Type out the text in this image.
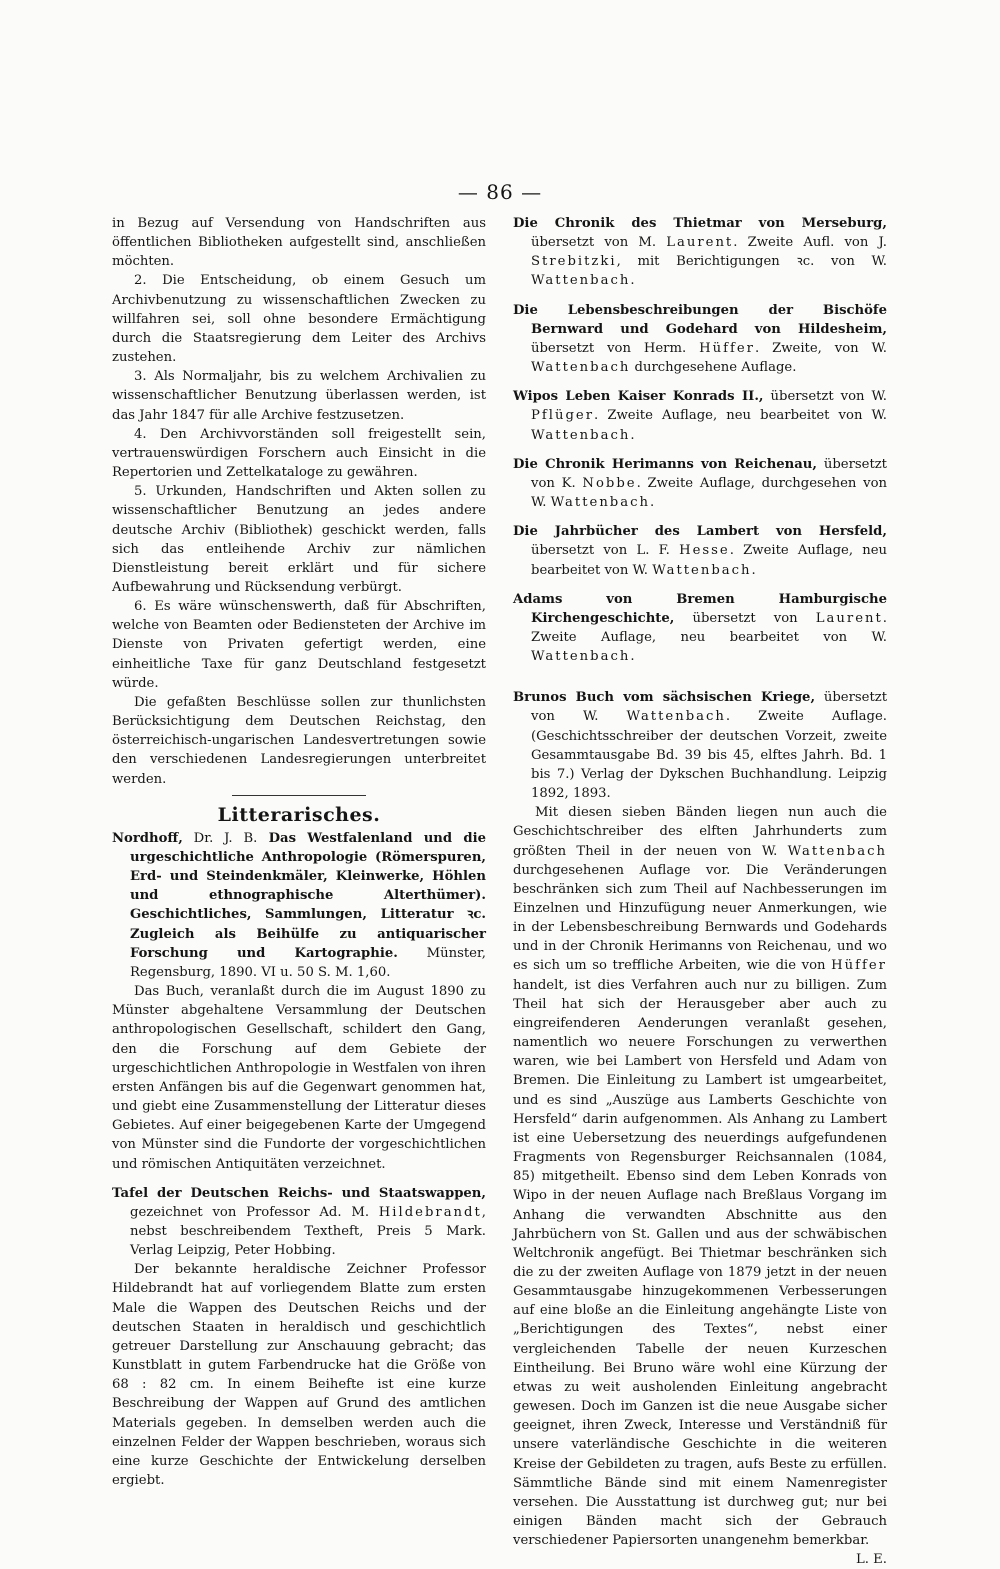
— 86 —

in Bezug auf Versendung von Handschriften aus öffentlichen Bibliotheken aufgestellt sind, anschließen möchten.

2. Die Entscheidung, ob einem Gesuch um Archivbenutzung zu wissenschaftlichen Zwecken zu willfahren sei, soll ohne besondere Ermächtigung durch die Staatsregierung dem Leiter des Archivs zustehen.

3. Als Normaljahr, bis zu welchem Archivalien zu wissenschaftlicher Benutzung überlassen werden, ist das Jahr 1847 für alle Archive festzusetzen.

4. Den Archivvorständen soll freigestellt sein, vertrauenswürdigen Forschern auch Einsicht in die Repertorien und Zettelkataloge zu gewähren.

5. Urkunden, Handschriften und Akten sollen zu wissenschaftlicher Benutzung an jedes andere deutsche Archiv (Bibliothek) geschickt werden, falls sich das entleihende Archiv zur nämlichen Dienstleistung bereit erklärt und für sichere Aufbewahrung und Rücksendung verbürgt.

6. Es wäre wünschenswerth, daß für Abschriften, welche von Beamten oder Bediensteten der Archive im Dienste von Privaten gefertigt werden, eine einheitliche Taxe für ganz Deutschland festgesetzt würde.

Die gefaßten Beschlüsse sollen zur thunlichsten Berücksichtigung dem Deutschen Reichstag, den österreichisch-ungarischen Landesvertretungen sowie den verschiedenen Landesregierungen unterbreitet werden.

Litterarisches.

Nordhoff, Dr. J. B. Das Westfalenland und die urgeschichtliche Anthropologie (Römerspuren, Erd- und Steindenkmäler, Kleinwerke, Höhlen und ethnographische Alterthümer). Geschichtliches, Sammlungen, Litteratur ꝛc. Zugleich als Beihülfe zu antiquarischer Forschung und Kartographie. Münster, Regensburg, 1890. VI u. 50 S. M. 1,60.

Das Buch, veranlaßt durch die im August 1890 zu Münster abgehaltene Versammlung der Deutschen anthropologischen Gesellschaft, schildert den Gang, den die Forschung auf dem Gebiete der urgeschichtlichen Anthropologie in Westfalen von ihren ersten Anfängen bis auf die Gegenwart genommen hat, und giebt eine Zusammenstellung der Litteratur dieses Gebietes. Auf einer beigegebenen Karte der Umgegend von Münster sind die Fundorte der vorgeschichtlichen und römischen Antiquitäten verzeichnet.

Tafel der Deutschen Reichs- und Staatswappen, gezeichnet von Professor Ad. M. Hildebrandt, nebst beschreibendem Textheft, Preis 5 Mark. Verlag Leipzig, Peter Hobbing.

Der bekannte heraldische Zeichner Professor Hildebrandt hat auf vorliegendem Blatte zum ersten Male die Wappen des Deutschen Reichs und der deutschen Staaten in heraldisch und geschichtlich getreuer Darstellung zur Anschauung gebracht; das Kunstblatt in gutem Farbendrucke hat die Größe von 68 : 82 cm. In einem Beihefte ist eine kurze Beschreibung der Wappen auf Grund des amtlichen Materials gegeben. In demselben werden auch die einzelnen Felder der Wappen beschrieben, woraus sich eine kurze Geschichte der Entwickelung derselben ergiebt.

Die Chronik des Thietmar von Merseburg, übersetzt von M. Laurent. Zweite Aufl. von J. Strebitzki, mit Berichtigungen ꝛc. von W. Wattenbach.

Die Lebensbeschreibungen der Bischöfe Bernward und Godehard von Hildesheim, übersetzt von Herm. Hüffer. Zweite, von W. Wattenbach durchgesehene Auflage.

Wipos Leben Kaiser Konrads II., übersetzt von W. Pflüger. Zweite Auflage, neu bearbeitet von W. Wattenbach.

Die Chronik Herimanns von Reichenau, übersetzt von K. Nobbe. Zweite Auflage, durchgesehen von W. Wattenbach.

Die Jahrbücher des Lambert von Hersfeld, übersetzt von L. F. Hesse. Zweite Auflage, neu bearbeitet von W. Wattenbach.

Adams von Bremen Hamburgische Kirchengeschichte, übersetzt von Laurent. Zweite Auflage, neu bearbeitet von W. Wattenbach.

Brunos Buch vom sächsischen Kriege, übersetzt von W. Wattenbach. Zweite Auflage. (Geschichtsschreiber der deutschen Vorzeit, zweite Gesammtausgabe Bd. 39 bis 45, elftes Jahrh. Bd. 1 bis 7.) Verlag der Dykschen Buchhandlung. Leipzig 1892, 1893.

Mit diesen sieben Bänden liegen nun auch die Geschichtschreiber des elften Jahrhunderts zum größten Theil in der neuen von W. Wattenbach durchgesehenen Auflage vor. Die Veränderungen beschränken sich zum Theil auf Nachbesserungen im Einzelnen und Hinzufügung neuer Anmerkungen, wie in der Lebensbeschreibung Bernwards und Godehards und in der Chronik Herimanns von Reichenau, und wo es sich um so treffliche Arbeiten, wie die von Hüffer handelt, ist dies Verfahren auch nur zu billigen. Zum Theil hat sich der Herausgeber aber auch zu eingreifenderen Aenderungen veranlaßt gesehen, namentlich wo neuere Forschungen zu verwerthen waren, wie bei Lambert von Hersfeld und Adam von Bremen. Die Einleitung zu Lambert ist umgearbeitet, und es sind „Auszüge aus Lamberts Geschichte von Hersfeld“ darin aufgenommen. Als Anhang zu Lambert ist eine Uebersetzung des neuerdings aufgefundenen Fragments von Regensburger Reichsannalen (1084, 85) mitgetheilt. Ebenso sind dem Leben Konrads von Wipo in der neuen Auflage nach Breßlaus Vorgang im Anhang die verwandten Abschnitte aus den Jahrbüchern von St. Gallen und aus der schwäbischen Weltchronik angefügt. Bei Thietmar beschränken sich die zu der zweiten Auflage von 1879 jetzt in der neuen Gesammtausgabe hinzugekommenen Verbesserungen auf eine bloße an die Einleitung angehängte Liste von „Berichtigungen des Textes“, nebst einer vergleichenden Tabelle der neuen Kurzeschen Eintheilung. Bei Bruno wäre wohl eine Kürzung der etwas zu weit ausholenden Einleitung angebracht gewesen. Doch im Ganzen ist die neue Ausgabe sicher geeignet, ihren Zweck, Interesse und Verständniß für unsere vaterländische Geschichte in die weiteren Kreise der Gebildeten zu tragen, aufs Beste zu erfüllen. Sämmtliche Bände sind mit einem Namenregister versehen. Die Ausstattung ist durchweg gut; nur bei einigen Bänden macht sich der Gebrauch verschiedener Papiersorten unangenehm bemerkbar.
L. E.
